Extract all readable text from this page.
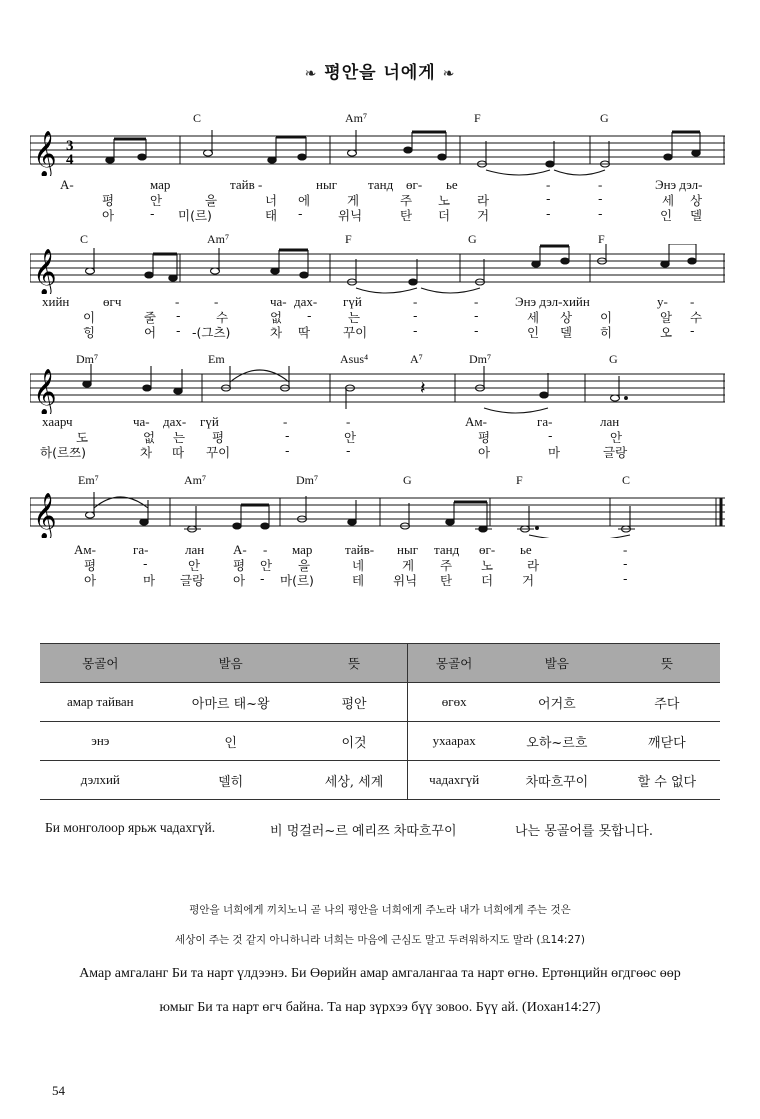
❧ 평안을 너에게 ❧
C	Am⁷	F	G
𝄞 3
4
А-	мар	тайв -	ныг танд өг- ье	-	-	Энэ дэл-
평	안	을	너 에	게	주 노 라	-	-	세 상
아	- 미(르)	태 -	위닉	탄 더 거	-	-	인 델
C	Am⁷	F	G	F
𝄞
хийн	өгч	-	-	ча- дах- гүй	-	-	Энэ дэл-хийн	у- -
이	줄 -	수	없 -	는	-	-	세 상 이	알 수
힝	어 - -(그츠)	차 딱	꾸이	-	-	인 델 히	오 -
Dm⁷	Em	Asus⁴	A⁷	Dm⁷	G
𝄞	𝄽
хаарч	ча- дах- гүй	-	-	Ам-	га-	лан
도	없 는 평	-	안	평	-	안
하(르쯔)	차 따 꾸이	-	-	아	마	글랑
Em⁷	Am⁷	Dm⁷	G	F	C
𝄞
Ам-	га-	лан А- - мар	тайв- ныг танд өг- ье	-
평	-	안	평 안 을	네	게 주 노	라	-
아	마 글랑 아 - 마(르)	테 위닉 탄 더 거	-
몽골어	발음	뜻	몽골어	발음	뜻
амар тайван	아마르 태~왕	평안	өгөх	어거흐	주다
энэ	인	이것	ухаарах	오하~르흐	깨닫다
дэлхий	델히	세상, 세계	чадахгүй	차따흐꾸이	할 수 없다
Би монголоор ярьж чадахгүй.	비 멍걸러~르 예리쯔 차따흐꾸이	나는 몽골어를 못합니다.
평안을 너희에게 끼치노니 곧 나의 평안을 너희에게 주노라 내가 너희에게 주는 것은
세상이 주는 것 같지 아니하니라 너희는 마음에 근심도 말고 두려워하지도 말라 (요14:27)
Амар амгаланг Би та нарт үлдээнэ. Би Өөрийн амар амгалангаа та нарт өгнө. Ертөнцийн өгдгөөс өөр
юмыг Би та нарт өгч байна. Та нар зүрхээ бүү зовоо. Бүү ай. (Иохан14:27)
54
